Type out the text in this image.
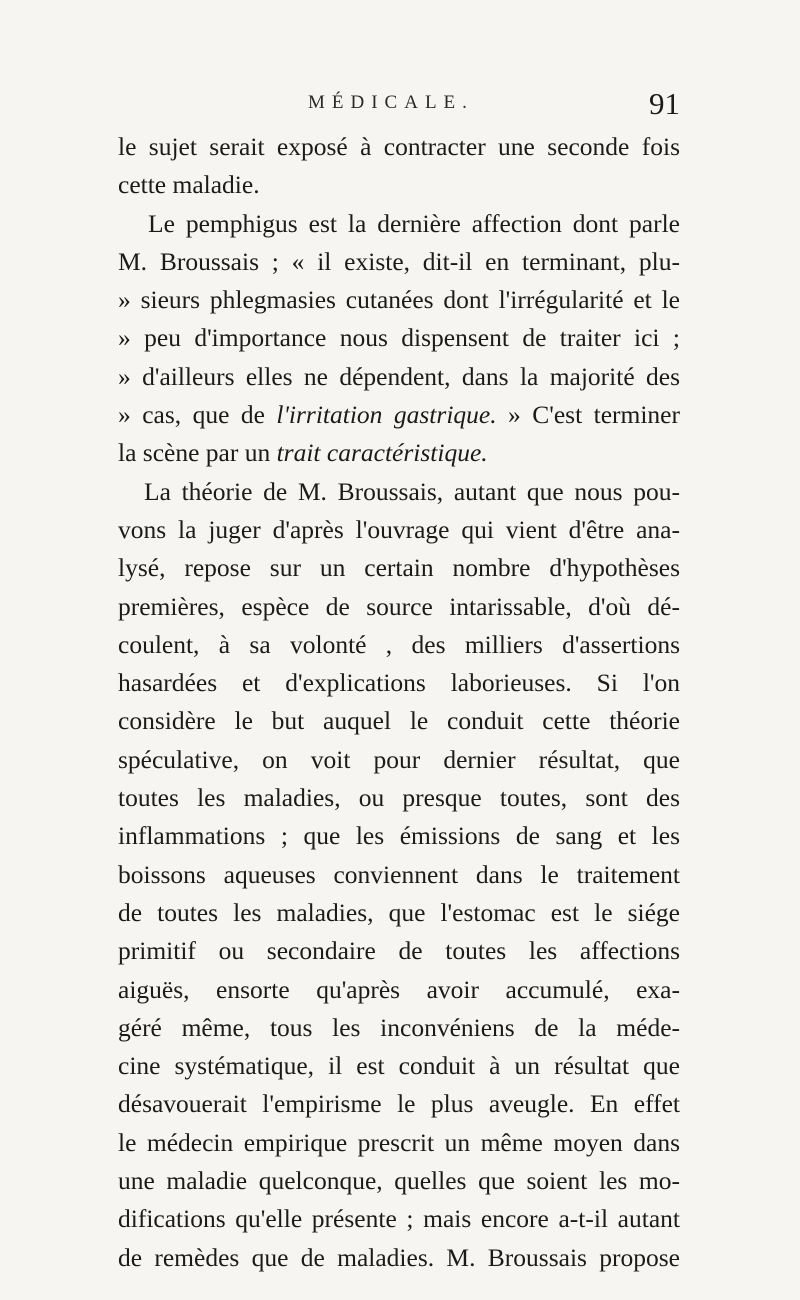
MÉDICALE.	91
le sujet serait exposé à contracter une seconde fois
cette maladie.
Le pemphigus est la dernière affection dont parle
M. Broussais ; « il existe, dit-il en terminant, plu-
» sieurs phlegmasies cutanées dont l'irrégularité et le
» peu d'importance nous dispensent de traiter ici ;
» d'ailleurs elles ne dépendent, dans la majorité des
» cas, que de l'irritation gastrique. » C'est terminer
la scène par un trait caractéristique.
La théorie de M. Broussais, autant que nous pou-
vons la juger d'après l'ouvrage qui vient d'être ana-
lysé, repose sur un certain nombre d'hypothèses
premières, espèce de source intarissable, d'où dé-
coulent, à sa volonté , des milliers d'assertions
hasardées et d'explications laborieuses. Si l'on
considère le but auquel le conduit cette théorie
spéculative, on voit pour dernier résultat, que
toutes les maladies, ou presque toutes, sont des
inflammations ; que les émissions de sang et les
boissons aqueuses conviennent dans le traitement
de toutes les maladies, que l'estomac est le siége
primitif ou secondaire de toutes les affections
aiguës, ensorte qu'après avoir accumulé, exa-
géré même, tous les inconvéniens de la méde-
cine systématique, il est conduit à un résultat que
désavouerait l'empirisme le plus aveugle. En effet
le médecin empirique prescrit un même moyen dans
une maladie quelconque, quelles que soient les mo-
difications qu'elle présente ; mais encore a-t-il autant
de remèdes que de maladies. M. Broussais propose
